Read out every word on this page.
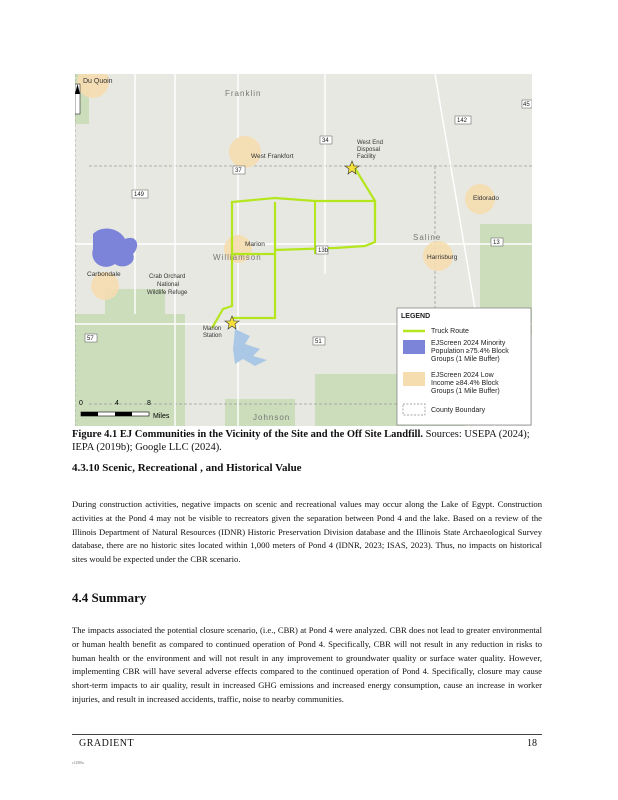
34
37
142
45
149
13
13b
57	51
Du Quoin
Franklin
West Frankfort
West End
Disposal
Facility
Eldorado
Saline
Harrisburg
Marion
Williamson
Carbondale	Crab Orchard
National
Wildlife Refuge
Marion
Station
Johnson
0	4	8
Miles
LEGEND
Truck Route
EJScreen 2024 Minority
Population ≥75.4% Block
Groups (1 Mile Buffer)
EJScreen 2024 Low
Income ≥84.4% Block
Groups (1 Mile Buffer)
County Boundary
Figure 4.1 EJ Communities in the Vicinity of the Site and the Off Site Landfill. Sources: USEPA (2024); IEPA (2019b); Google LLC (2024).
4.3.10 Scenic, Recreational , and Historical Value
During construction activities, negative impacts on scenic and recreational values may occur along the Lake of Egypt. Construction activities at the Pond 4 may not be visible to recreators given the separation between Pond 4 and the lake. Based on a review of the Illinois Department of Natural Resources (IDNR) Historic Preservation Division database and the Illinois State Archaeological Survey database, there are no historic sites located within 1,000 meters of Pond 4 (IDNR, 2023; ISAS, 2023). Thus, no impacts on historical sites would be expected under the CBR scenario.
4.4 Summary
The impacts associated the potential closure scenario, (i.e., CBR) at Pond 4 were analyzed. CBR does not lead to greater environmental or human health benefit as compared to continued operation of Pond 4. Specifically, CBR will not result in any reduction in risks to human health or the environment and will not result in any improvement to groundwater quality or surface water quality. However, implementing CBR will have several adverse effects compared to the continued operation of Pond 4. Specifically, closure may cause short-term impacts to air quality, result in increased GHG emissions and increased energy consumption, cause an increase in worker injuries, and result in increased accidents, traffic, noise to nearby communities.
GRADIENT	18
r12B0a
